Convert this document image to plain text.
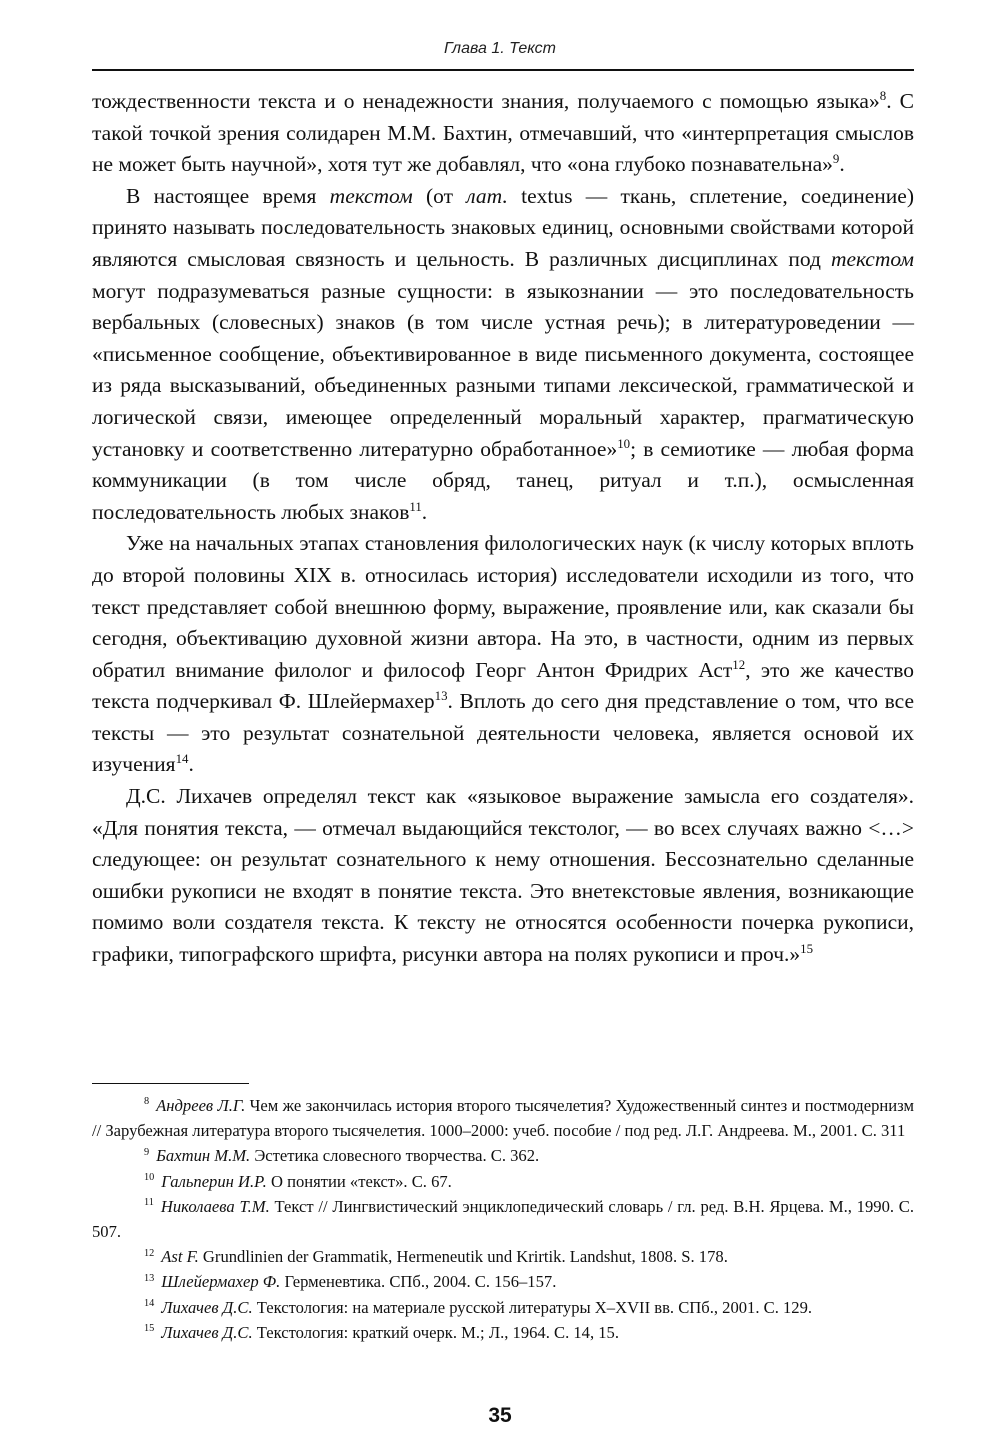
Глава 1. Текст

тождественности текста и о ненадежности знания, получаемого с помощью языка»$^8$. С такой точкой зрения солидарен М.М. Бахтин, отмечавший, что «интерпретация смыслов не может быть научной», хотя тут же добавлял, что «она глубоко познавательна»$^9$.

В настоящее время текстом (от лат. textus — ткань, сплетение, соединение) принято называть последовательность знаковых единиц, основными свойствами которой являются смысловая связность и цельность. В различных дисциплинах под текстом могут подразумеваться разные сущности: в языкознании — это последовательность вербальных (словесных) знаков (в том числе устная речь); в литературоведении — «письменное сообщение, объективированное в виде письменного документа, состоящее из ряда высказываний, объединенных разными типами лексической, грамматической и логической связи, имеющее определенный моральный характер, прагматическую установку и соответственно литературно обработанное»$^{10}$; в семиотике — любая форма коммуникации (в том числе обряд, танец, ритуал и т.п.), осмысленная последовательность любых знаков$^{11}$.

Уже на начальных этапах становления филологических наук (к числу которых вплоть до второй половины XIX в. относилась история) исследователи исходили из того, что текст представляет собой внешнюю форму, выражение, проявление или, как сказали бы сегодня, объективацию духовной жизни автора. На это, в частности, одним из первых обратил внимание филолог и философ Георг Антон Фридрих Аст$^{12}$, это же качество текста подчеркивал Ф. Шлейермахер$^{13}$. Вплоть до сего дня представление о том, что все тексты — это результат сознательной деятельности человека, является основой их изучения$^{14}$.

Д.С. Лихачев определял текст как «языковое выражение замысла его создателя». «Для понятия текста, — отмечал выдающийся текстолог, — во всех случаях важно <…> следующее: он результат сознательного к нему отношения. Бессознательно сделанные ошибки рукописи не входят в понятие текста. Это внетекстовые явления, возникающие помимо воли создателя текста. К тексту не относятся особенности почерка рукописи, графики, типографского шрифта, рисунки автора на полях рукописи и проч.»$^{15}$

$^8$ Андреев Л.Г. Чем же закончилась история второго тысячелетия? Художественный синтез и постмодернизм // Зарубежная литература второго тысячелетия. 1000–2000: учеб. пособие / под ред. Л.Г. Андреева. М., 2001. С. 311

$^9$ Бахтин М.М. Эстетика словесного творчества. С. 362.

$^{10}$ Гальперин И.Р. О понятии «текст». С. 67.

$^{11}$ Николаева Т.М. Текст // Лингвистический энциклопедический словарь / гл. ред. В.Н. Ярцева. М., 1990. С. 507.

$^{12}$ Ast F. Grundlinien der Grammatik, Hermeneutik und Krirtik. Landshut, 1808. S. 178.

$^{13}$ Шлейермахер Ф. Герменевтика. СПб., 2004. С. 156–157.

$^{14}$ Лихачев Д.С. Текстология: на материале русской литературы X–XVII вв. СПб., 2001. С. 129.

$^{15}$ Лихачев Д.С. Текстология: краткий очерк. М.; Л., 1964. С. 14, 15.

35
